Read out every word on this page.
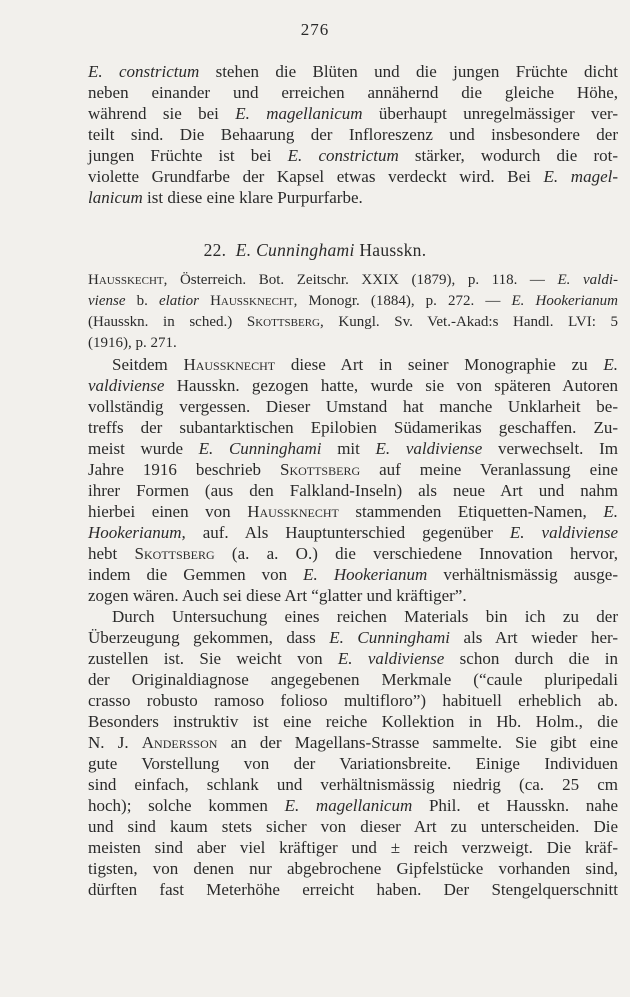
276
E. constrictum stehen die Blüten und die jungen Früchte dicht
neben einander und erreichen annähernd die gleiche Höhe,
während sie bei E. magellanicum überhaupt unregelmässiger ver-
teilt sind. Die Behaarung der Infloreszenz und insbesondere der
jungen Früchte ist bei E. constrictum stärker, wodurch die rot-
violette Grundfarbe der Kapsel etwas verdeckt wird. Bei E. magel-
lanicum ist diese eine klare Purpurfarbe.
22. E. Cunninghami Hausskn.
Hausskecht, Österreich. Bot. Zeitschr. XXIX (1879), p. 118. — E. valdi-
viense b. elatior Haussknecht, Monogr. (1884), p. 272. — E. Hookerianum
(Hausskn. in sched.) Skottsberg, Kungl. Sv. Vet.-Akad:s Handl. LVI: 5
(1916), p. 271.
Seitdem Haussknecht diese Art in seiner Monographie zu E.
valdiviense Hausskn. gezogen hatte, wurde sie von späteren Autoren
vollständig vergessen. Dieser Umstand hat manche Unklarheit be-
treffs der subantarktischen Epilobien Südamerikas geschaffen. Zu-
meist wurde E. Cunninghami mit E. valdiviense verwechselt. Im
Jahre 1916 beschrieb Skottsberg auf meine Veranlassung eine
ihrer Formen (aus den Falkland-Inseln) als neue Art und nahm
hierbei einen von Haussknecht stammenden Etiquetten-Namen, E.
Hookerianum, auf. Als Hauptunterschied gegenüber E. valdiviense
hebt Skottsberg (a. a. O.) die verschiedene Innovation hervor,
indem die Gemmen von E. Hookerianum verhältnismässig ausge-
zogen wären. Auch sei diese Art “glatter und kräftiger”.
Durch Untersuchung eines reichen Materials bin ich zu der
Überzeugung gekommen, dass E. Cunninghami als Art wieder her-
zustellen ist. Sie weicht von E. valdiviense schon durch die in
der Originaldiagnose angegebenen Merkmale (“caule pluripedali
crasso robusto ramoso folioso multifloro”) habituell erheblich ab.
Besonders instruktiv ist eine reiche Kollektion in Hb. Holm., die
N. J. Andersson an der Magellans-Strasse sammelte. Sie gibt eine
gute Vorstellung von der Variationsbreite. Einige Individuen
sind einfach, schlank und verhältnismässig niedrig (ca. 25 cm
hoch); solche kommen E. magellanicum Phil. et Hausskn. nahe
und sind kaum stets sicher von dieser Art zu unterscheiden. Die
meisten sind aber viel kräftiger und ± reich verzweigt. Die kräf-
tigsten, von denen nur abgebrochene Gipfelstücke vorhanden sind,
dürften fast Meterhöhe erreicht haben. Der Stengelquerschnitt
